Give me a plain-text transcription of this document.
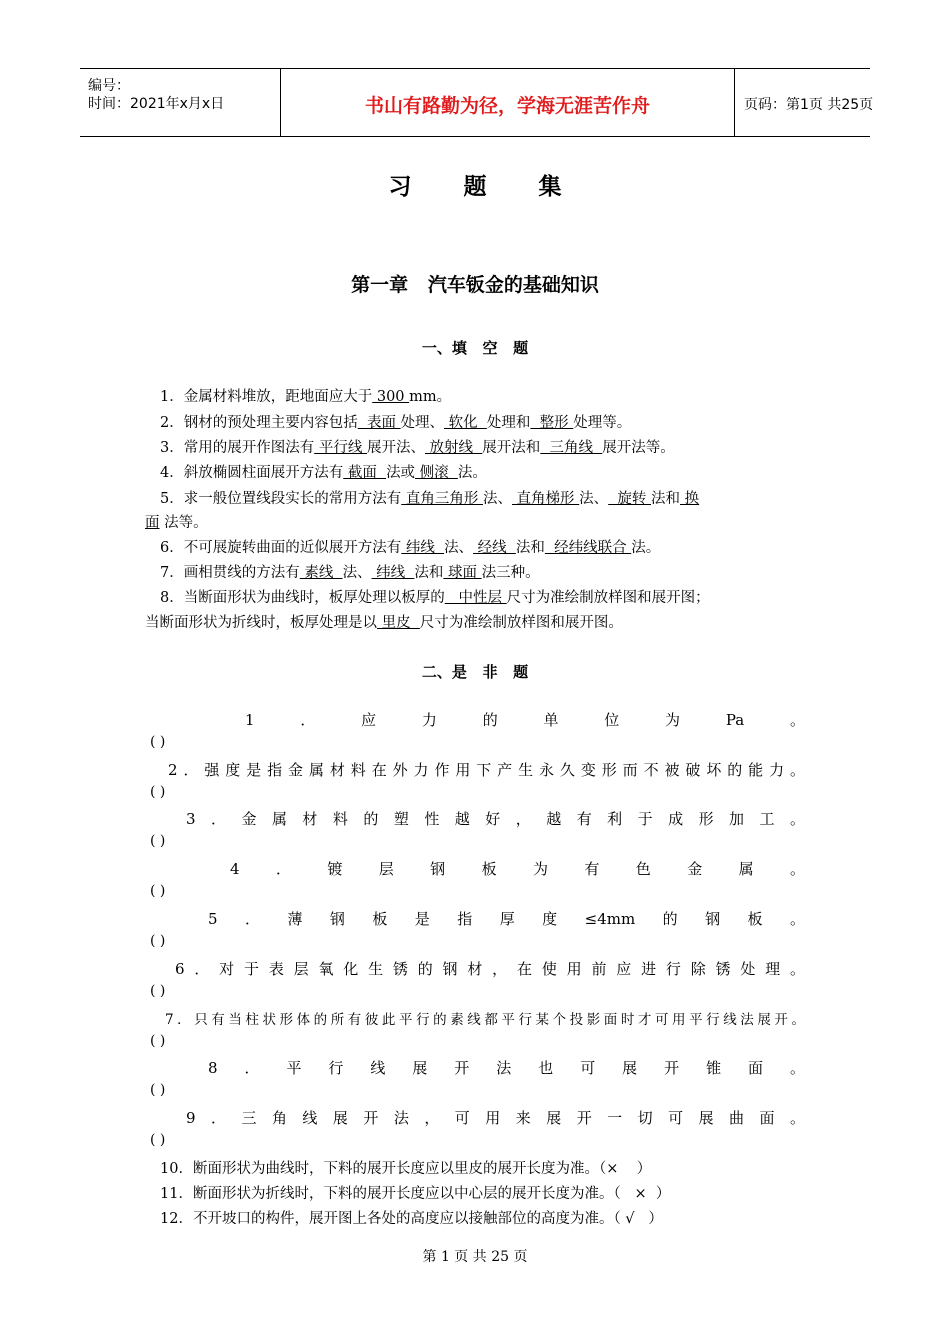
编号：
时间：2021年x月x日	书山有路勤为径，学海无涯苦作舟	页码：第1页 共25页
习 题 集
第一章   汽车钣金的基础知识
一、填   空   题
1．金属材料堆放，距地面应大于 300 mm。
2．钢材的预处理主要内容包括  表面 处理、 软化  处理和  整形 处理等。
3．常用的展开作图法有 平行线 展开法、 放射线  展开法和  三角线  展开法等。
4．斜放椭圆柱面展开方法有 截面  法或 侧滚  法。
5．求一般位置线段实长的常用方法有 直角三角形 法、 直角梯形 法、  旋转 法和 换
面 法等。
6．不可展旋转曲面的近似展开方法有 纬线  法、 经线  法和  经纬线联合 法。
7．画相贯线的方法有 素线  法、 纬线  法和 球面 法三种。
8．当断面形状为曲线时，板厚处理以板厚的   中性层 尺寸为准绘制放样图和展开图；
当断面形状为折线时，板厚处理是以 里皮  尺寸为准绘制放样图和展开图。
二、是   非   题
1．应力的单位为Pa。
( )
2．强度是指金属材料在外力作用下产生永久变形而不被破坏的能力。
( )
3．金属材料的塑性越好，越有利于成形加工。
( )
4．镀层钢板为有色金属。
( )
5．薄钢板是指厚度≤4mm的钢板。
( )
6．对于表层氧化生锈的钢材，在使用前应进行除锈处理。
( )
7．只有当柱状形体的所有彼此平行的素线都平行某个投影面时才可用平行线法展开。
( )
8．平行线展开法也可展开锥面。
( )
9．三角线展开法，可用来展开一切可展曲面。
( )
10．断面形状为曲线时，下料的展开长度应以里皮的展开长度为准。（×    ）
11．断面形状为折线时，下料的展开长度应以中心层的展开长度为准。（   ×  ）
12．不开坡口的构件，展开图上各处的高度应以接触部位的高度为准。（ √   ）
第 1 页 共 25 页
